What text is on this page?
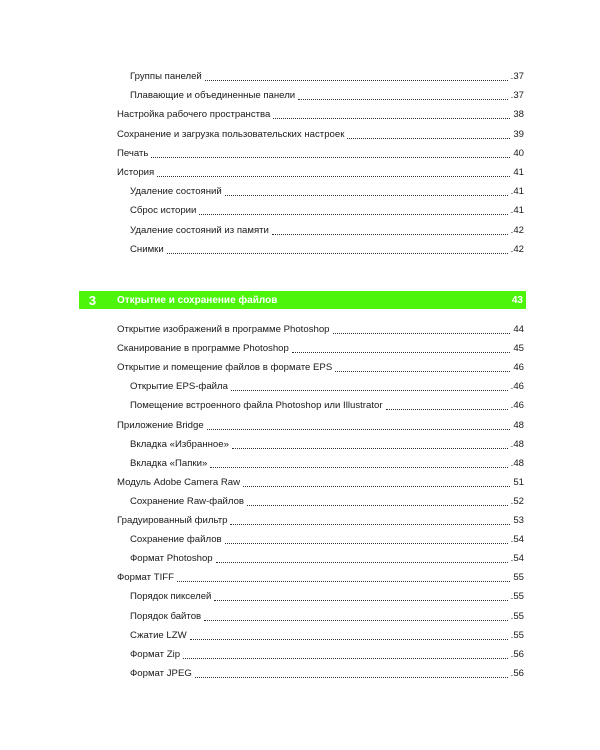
Группы панелей	.37
Плавающие и объединенные панели	.37
Настройка рабочего пространства	38
Сохранение и загрузка пользовательских настроек	39
Печать	40
История	41
Удаление состояний	.41
Сброс истории	.41
Удаление состояний из памяти	.42
Снимки	.42
3	Открытие и сохранение файлов	43
Открытие изображений в программе Photoshop	44
Сканирование в программе Photoshop	45
Открытие и помещение файлов в формате EPS	46
Открытие EPS-файла	.46
Помещение встроенного файла Photoshop или Illustrator	.46
Приложение Bridge	48
Вкладка «Избранное»	.48
Вкладка «Папки»	.48
Модуль Adobe Camera Raw	51
Сохранение Raw-файлов	.52
Градуированный фильтр	53
Сохранение файлов	.54
Формат Photoshop	.54
Формат TIFF	55
Порядок пикселей	.55
Порядок байтов	.55
Сжатие LZW	.55
Формат Zip	.56
Формат JPEG	.56
